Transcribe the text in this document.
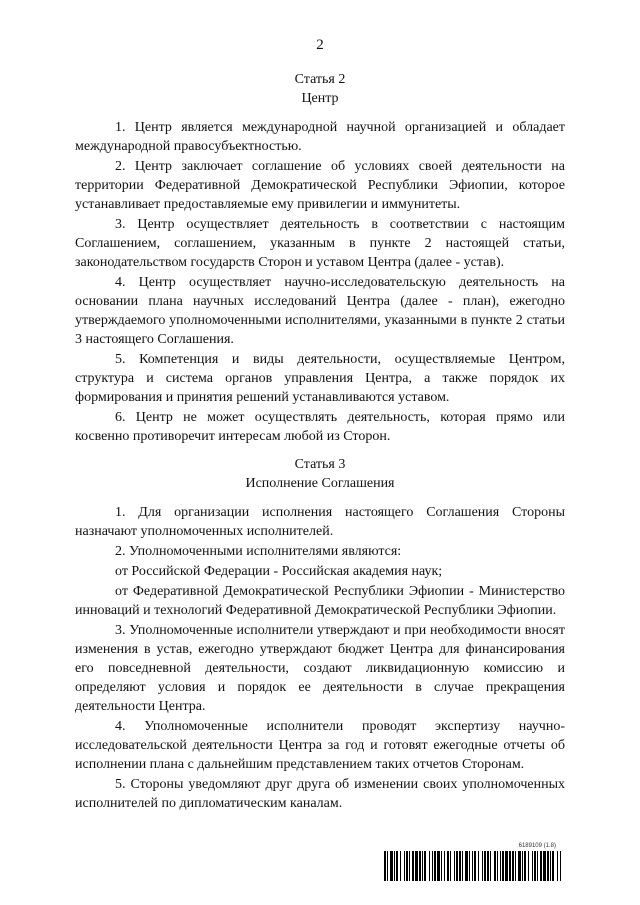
2

Статья 2

Центр

1. Центр является международной научной организацией и обладает международной правосубъектностью.

2. Центр заключает соглашение об условиях своей деятельности на территории Федеративной Демократической Республики Эфиопии, которое устанавливает предоставляемые ему привилегии и иммунитеты.

3. Центр осуществляет деятельность в соответствии с настоящим Соглашением, соглашением, указанным в пункте 2 настоящей статьи, законодательством государств Сторон и уставом Центра (далее - устав).

4. Центр осуществляет научно-исследовательскую деятельность на основании плана научных исследований Центра (далее - план), ежегодно утверждаемого уполномоченными исполнителями, указанными в пункте 2 статьи 3 настоящего Соглашения.

5. Компетенция и виды деятельности, осуществляемые Центром, структура и система органов управления Центра, а также порядок их формирования и принятия решений устанавливаются уставом.

6. Центр не может осуществлять деятельность, которая прямо или косвенно противоречит интересам любой из Сторон.

Статья 3

Исполнение Соглашения

1. Для организации исполнения настоящего Соглашения Стороны назначают уполномоченных исполнителей.

2. Уполномоченными исполнителями являются:

от Российской Федерации - Российская академия наук;

от Федеративной Демократической Республики Эфиопии - Министерство инноваций и технологий Федеративной Демократической Республики Эфиопии.

3. Уполномоченные исполнители утверждают и при необходимости вносят изменения в устав, ежегодно утверждают бюджет Центра для финансирования его повседневной деятельности, создают ликвидационную комиссию и определяют условия и порядок ее деятельности в случае прекращения деятельности Центра.

4. Уполномоченные исполнители проводят экспертизу научно-исследовательской деятельности Центра за год и готовят ежегодные отчеты об исполнении плана с дальнейшим представлением таких отчетов Сторонам.

5. Стороны уведомляют друг друга об изменении своих уполномоченных исполнителей по дипломатическим каналам.

6189109 (1.8)
